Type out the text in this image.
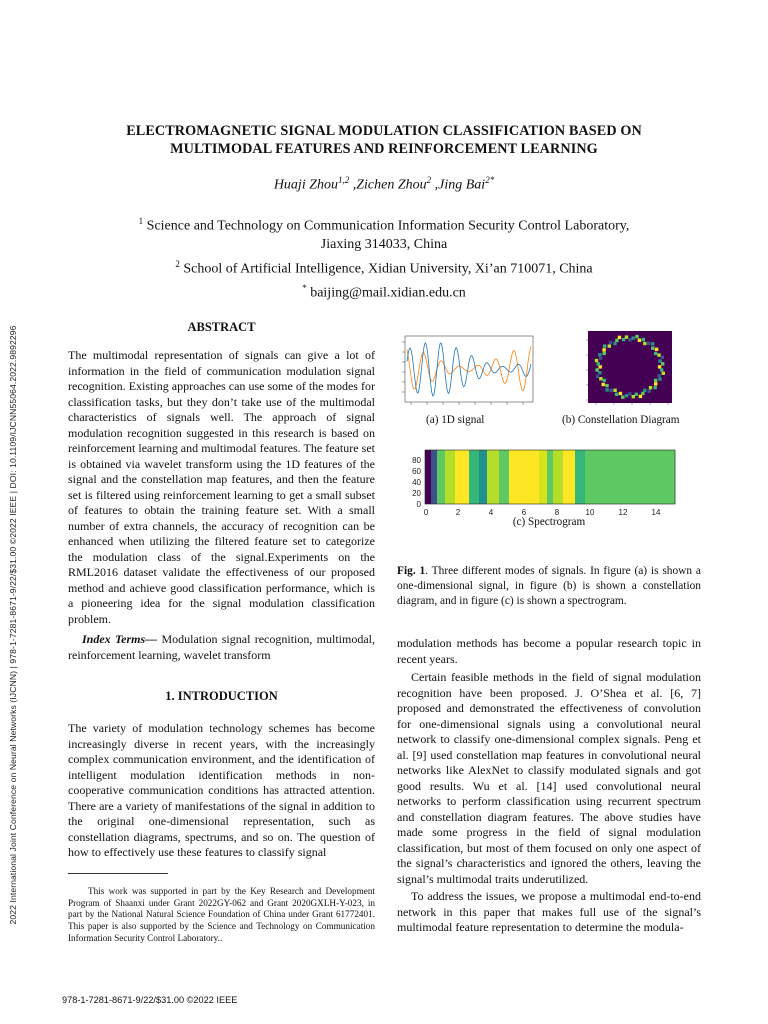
2022 International Joint Conference on Neural Networks (IJCNN) | 978-1-7281-8671-9/22/$31.00 ©2022 IEEE | DOI: 10.1109/IJCNN55064.2022.9892296
ELECTROMAGNETIC SIGNAL MODULATION CLASSIFICATION BASED ON
MULTIMODAL FEATURES AND REINFORCEMENT LEARNING
Huaji Zhou$^{1,2}$ ,Zichen Zhou$^2$ ,Jing Bai$^{2*}$
$^1$ Science and Technology on Communication Information Security Control Laboratory,
Jiaxing 314033, China
$^2$ School of Artificial Intelligence, Xidian University, Xi’an 710071, China
* baijing@mail.xidian.edu.cn
ABSTRACT

The multimodal representation of signals can give a lot of information in the field of communication modulation signal recognition. Existing approaches can use some of the modes for classification tasks, but they don’t take use of the multimodal characteristics of signals well. The approach of signal modulation recognition suggested in this research is based on reinforcement learning and multimodal features. The feature set is obtained via wavelet transform using the 1D features of the signal and the constellation map features, and then the feature set is filtered using reinforcement learning to get a small subset of features to obtain the training feature set. With a small number of extra channels, the accuracy of recognition can be enhanced when utilizing the filtered feature set to categorize the modulation class of the signal.Experiments on the RML2016 dataset validate the effectiveness of our proposed method and achieve good classification performance, which is a pioneering idea for the signal modulation classification problem.

Index Terms— Modulation signal recognition, multimodal, reinforcement learning, wavelet transform

1. INTRODUCTION

The variety of modulation technology schemes has become increasingly diverse in recent years, with the increasingly complex communication environment, and the identification of intelligent modulation identification methods in non-cooperative communication conditions has attracted attention. There are a variety of manifestations of the signal in addition to the original one-dimensional representation, such as constellation diagrams, spectrums, and so on. The question of how to effectively use these features to classify signal

This work was supported in part by the Key Research and Development Program of Shaanxi under Grant 2022GY-062 and Grant 2020GXLH-Y-023, in part by the National Natural Science Foundation of China under Grant 61772401. This paper is also supported by the Science and Technology on Communication Information Security Control Laboratory..

978-1-7281-8671-9/22/$31.00 ©2022 IEEE
(a) 1D signal	(b) Constellation Diagram
80
60
40
20
0
0	2	4	6	8	10	12	14
(c) Spectrogram

Fig. 1. Three different modes of signals. In figure (a) is shown a one-dimensional signal, in figure (b) is shown a constellation diagram, and in figure (c) is shown a spectrogram.

modulation methods has become a popular research topic in recent years.

Certain feasible methods in the field of signal modulation recognition have been proposed. J. O’Shea et al. [6, 7] proposed and demonstrated the effectiveness of convolution for one-dimensional signals using a convolutional neural network to classify one-dimensional complex signals. Peng et al. [9] used constellation map features in convolutional neural networks like AlexNet to classify modulated signals and got good results. Wu et al. [14] used convolutional neural networks to perform classification using recurrent spectrum and constellation diagram features. The above studies have made some progress in the field of signal modulation classification, but most of them focused on only one aspect of the signal’s characteristics and ignored the others, leaving the signal’s multimodal traits underutilized.

To address the issues, we propose a multimodal end-to-end network in this paper that makes full use of the signal’s multimodal feature representation to determine the modula-
